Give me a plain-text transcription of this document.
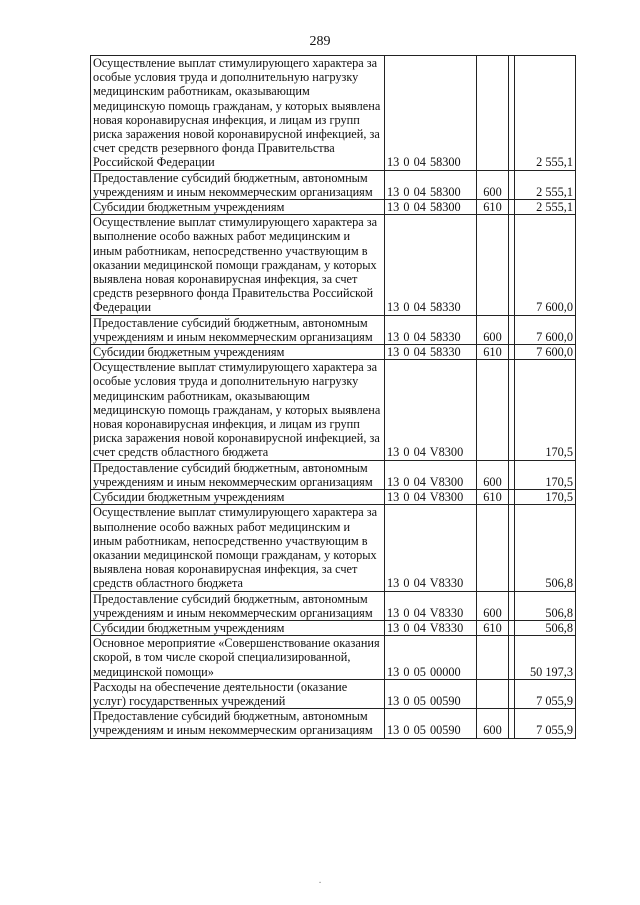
289
Осуществление выплат стимулирующего характера за особые условия труда и дополнительную нагрузку медицинским работникам, оказывающим медицинскую помощь гражданам, у которых выявлена новая коронавирусная инфекция, и лицам из групп риска заражения новой коронавирусной инфекцией, за счет средств резервного фонда Правительства Российской Федерации	13 0 04 58300			2 555,1
Предоставление субсидий бюджетным, автономным учреждениям и иным некоммерческим организациям	13 0 04 58300	600		2 555,1
Субсидии бюджетным учреждениям	13 0 04 58300	610		2 555,1
Осуществление выплат стимулирующего характера за выполнение особо важных работ медицинским и иным работникам, непосредственно участвующим в оказании медицинской помощи гражданам, у которых выявлена новая коронавирусная инфекция, за счет средств резервного фонда Правительства Российской Федерации	13 0 04 58330			7 600,0
Предоставление субсидий бюджетным, автономным учреждениям и иным некоммерческим организациям	13 0 04 58330	600		7 600,0
Субсидии бюджетным учреждениям	13 0 04 58330	610		7 600,0
Осуществление выплат стимулирующего характера за особые условия труда и дополнительную нагрузку медицинским работникам, оказывающим медицинскую помощь гражданам, у которых выявлена новая коронавирусная инфекция, и лицам из групп риска заражения новой коронавирусной инфекцией, за счет средств областного бюджета	13 0 04 V8300			170,5
Предоставление субсидий бюджетным, автономным учреждениям и иным некоммерческим организациям	13 0 04 V8300	600		170,5
Субсидии бюджетным учреждениям	13 0 04 V8300	610		170,5
Осуществление выплат стимулирующего характера за выполнение особо важных работ медицинским и иным работникам, непосредственно участвующим в оказании медицинской помощи гражданам, у которых выявлена новая коронавирусная инфекция, за счет средств областного бюджета	13 0 04 V8330			506,8
Предоставление субсидий бюджетным, автономным учреждениям и иным некоммерческим организациям	13 0 04 V8330	600		506,8
Субсидии бюджетным учреждениям	13 0 04 V8330	610		506,8
Основное мероприятие «Совершенствование оказания скорой, в том числе скорой специализированной, медицинской помощи»	13 0 05 00000			50 197,3
Расходы на обеспечение деятельности (оказание услуг) государственных учреждений	13 0 05 00590			7 055,9
Предоставление субсидий бюджетным, автономным учреждениям и иным некоммерческим организациям	13 0 05 00590	600		7 055,9
·
